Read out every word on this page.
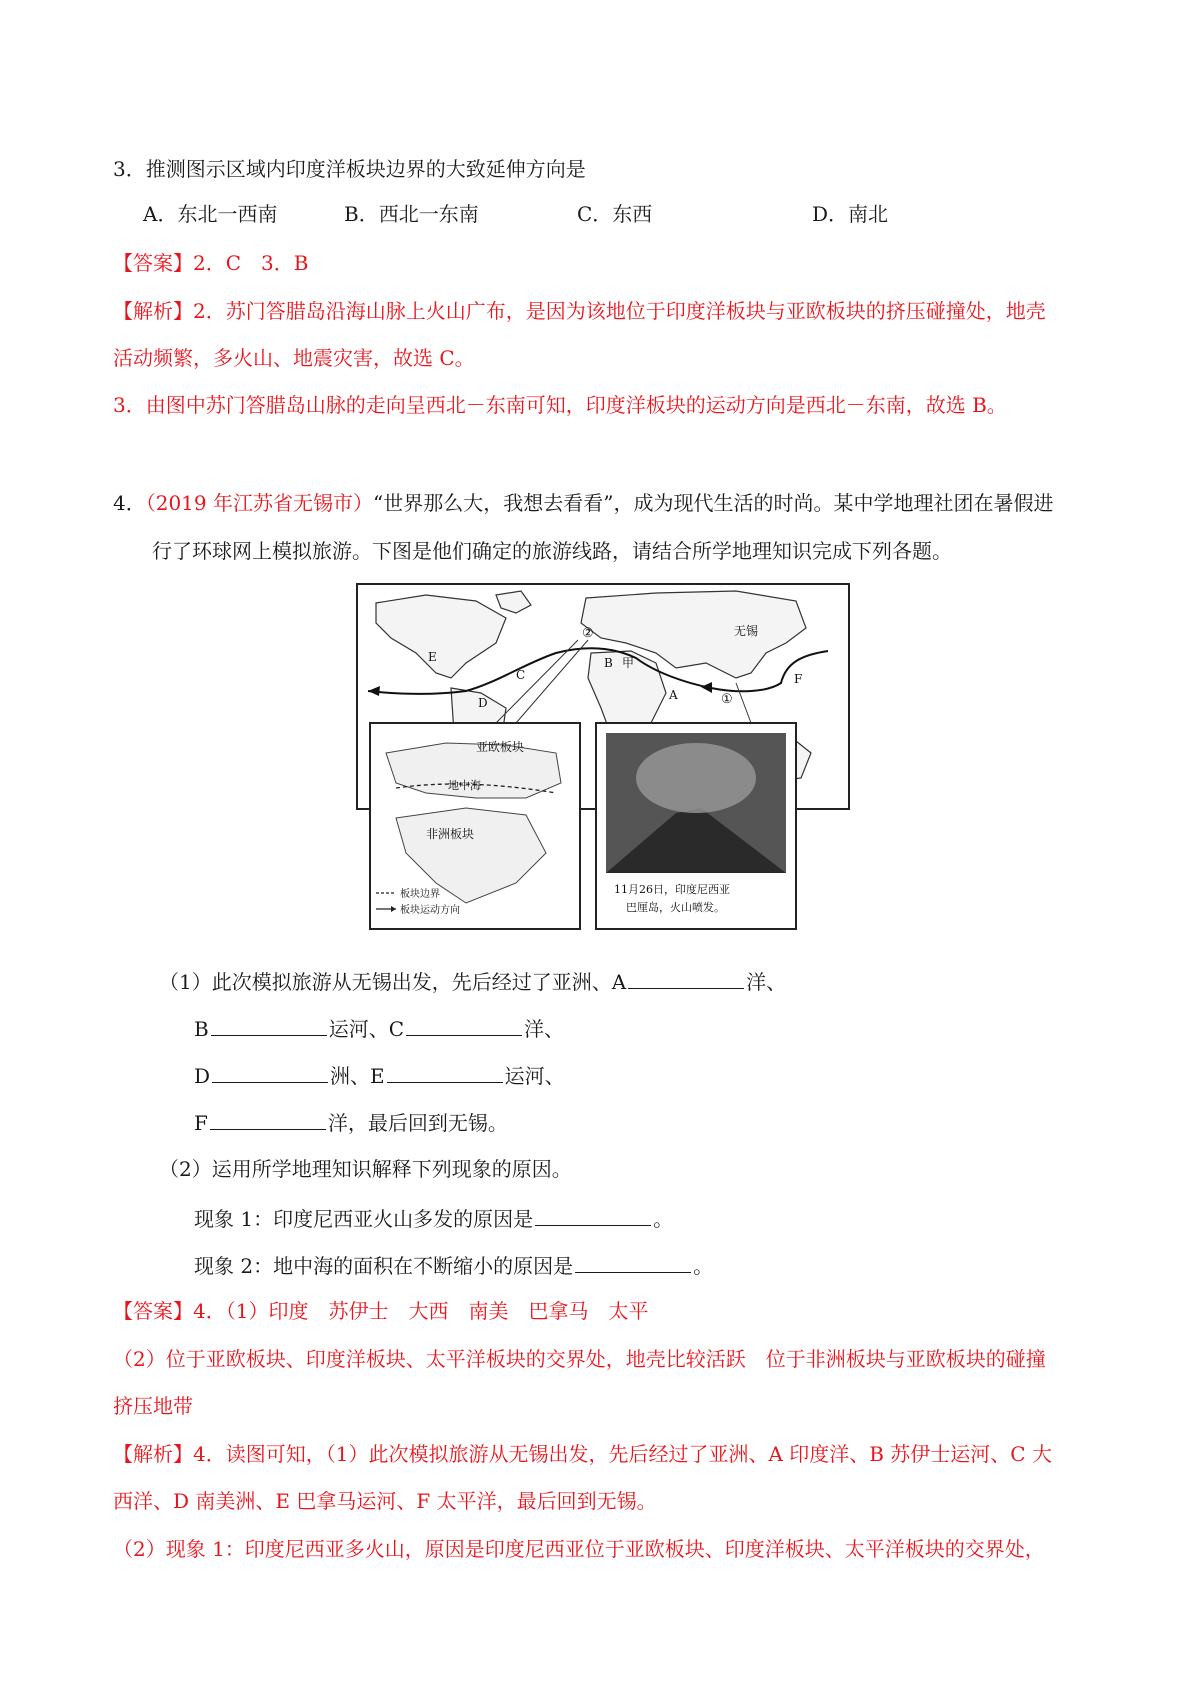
3．推测图示区域内印度洋板块边界的大致延伸方向是
A．东北一西南	B．西北一东南	C．东西	D．南北
【答案】2．C　3．B
【解析】2．苏门答腊岛沿海山脉上火山广布，是因为该地位于印度洋板块与亚欧板块的挤压碰撞处，地壳
活动频繁，多火山、地震灾害，故选 C。
3．由图中苏门答腊岛山脉的走向呈西北－东南可知，印度洋板块的运动方向是西北－东南，故选 B。
4．（2019 年江苏省无锡市）“世界那么大，我想去看看”，成为现代生活的时尚。某中学地理社团在暑假进
行了环球网上模拟旅游。下图是他们确定的旅游线路，请结合所学地理知识完成下列各题。
无锡
A
B
C
D
E
F
①
②
甲
亚欧板块
地中海
非洲板块
板块边界
板块运动方向
11月26日，印度尼西亚
巴厘岛，火山喷发。
（1）此次模拟旅游从无锡出发，先后经过了亚洲、A	洋、
B	运河、C	洋、
D	洲、E	运河、
F	洋，最后回到无锡。
（2）运用所学地理知识解释下列现象的原因。
现象 1：印度尼西亚火山多发的原因是	。
现象 2：地中海的面积在不断缩小的原因是	。
【答案】4．（1）印度　苏伊士　大西　南美　巴拿马　太平
（2）位于亚欧板块、印度洋板块、太平洋板块的交界处，地壳比较活跃　位于非洲板块与亚欧板块的碰撞
挤压地带
【解析】4．读图可知，（1）此次模拟旅游从无锡出发，先后经过了亚洲、A 印度洋、B 苏伊士运河、C 大
西洋、D 南美洲、E 巴拿马运河、F 太平洋，最后回到无锡。
（2）现象 1：印度尼西亚多火山，原因是印度尼西亚位于亚欧板块、印度洋板块、太平洋板块的交界处，
